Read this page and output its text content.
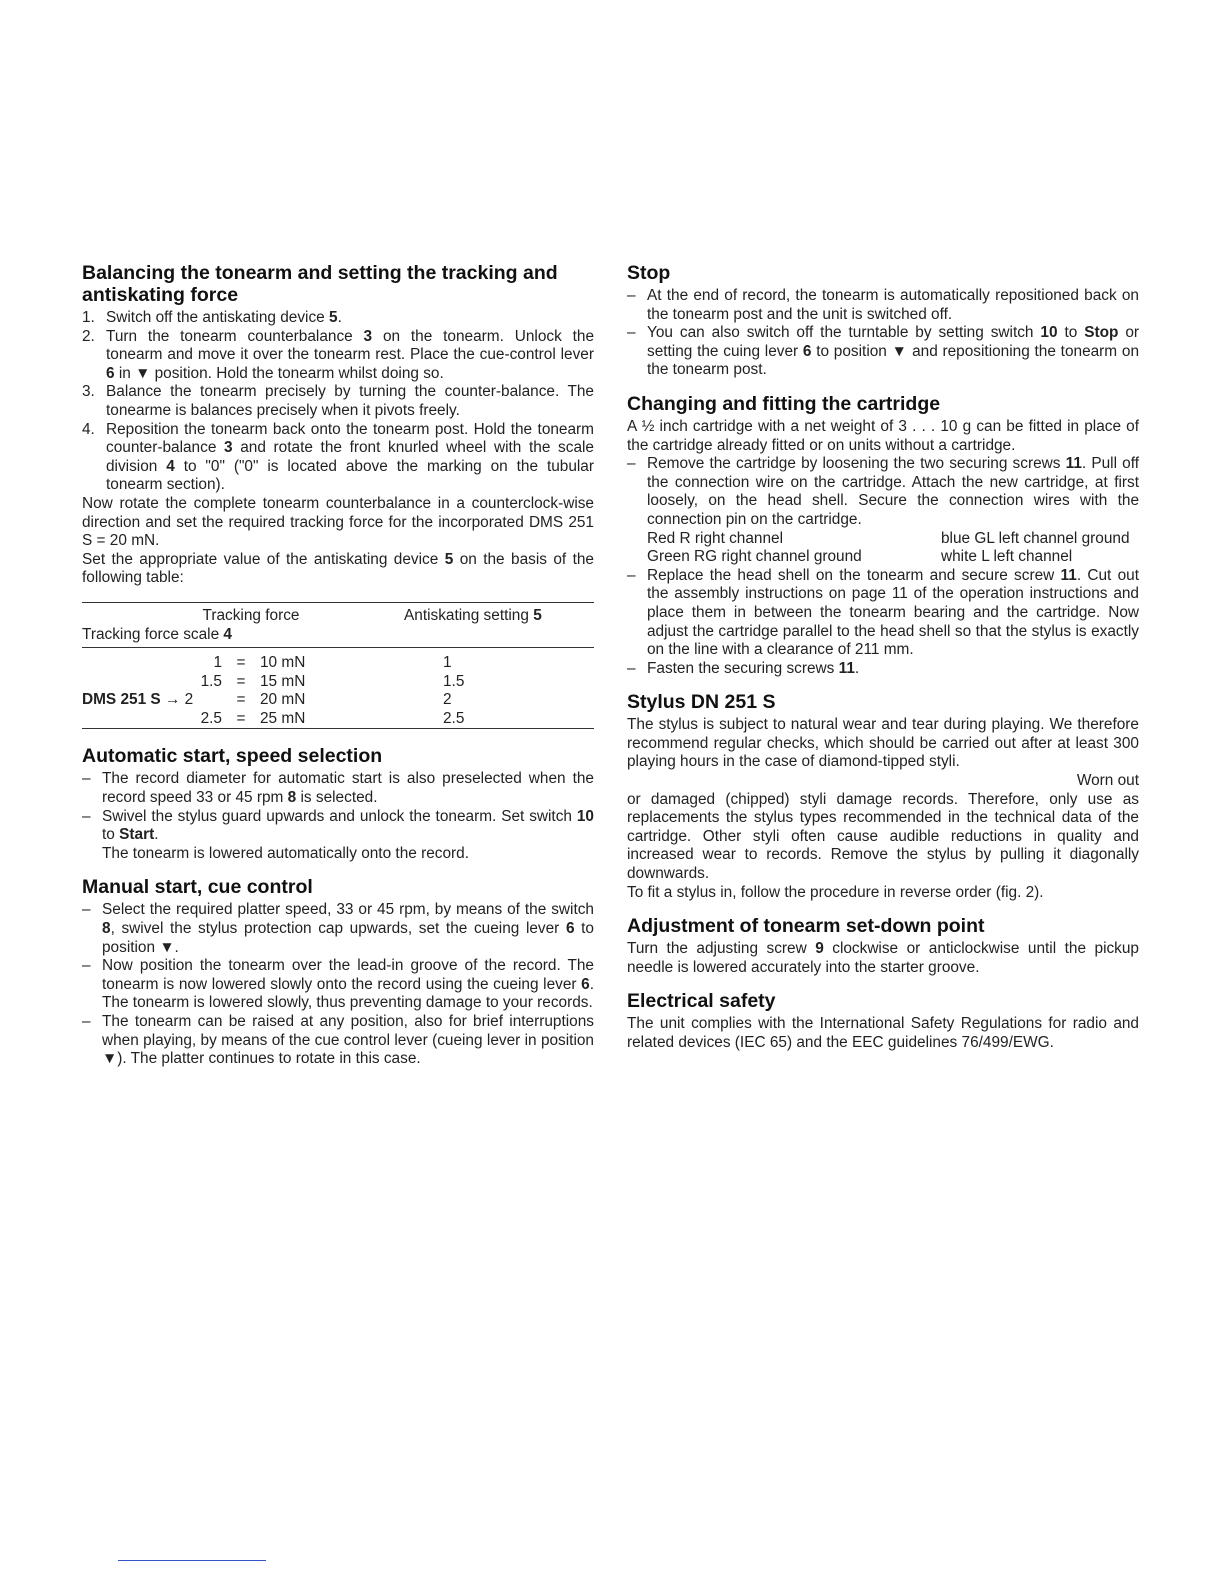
Balancing the tonearm and setting the tracking and antiskating force
1. Switch off the antiskating device 5.
2. Turn the tonearm counterbalance 3 on the tonearm. Unlock the tonearm and move it over the tonearm rest. Place the cue-control lever 6 in ▼ position. Hold the tonearm whilst doing so.
3. Balance the tonearm precisely by turning the counter-balance. The tonearme is balances precisely when it pivots freely.
4. Reposition the tonearm back onto the tonearm post. Hold the tonearm counter-balance 3 and rotate the front knurled wheel with the scale division 4 to "0" ("0" is located above the marking on the tubular tonearm section).

Now rotate the complete tonearm counterbalance in a counterclock-wise direction and set the required tracking force for the incorporated DMS 251 S = 20 mN.

Set the appropriate value of the antiskating device 5 on the basis of the following table:

Tracking force				Antiskating setting 5
Tracking force scale 4				
	1	=	10 mN	1
	1.5	=	15 mN	1.5
DMS 251 S → 2		=	20 mN	2
	2.5	=	25 mN	2.5
Automatic start, speed selection
– The record diameter for automatic start is also preselected when the record speed 33 or 45 rpm 8 is selected.
– Swivel the stylus guard upwards and unlock the tonearm. Set switch 10 to Start.
The tonearm is lowered automatically onto the record.
Manual start, cue control
– Select the required platter speed, 33 or 45 rpm, by means of the switch 8, swivel the stylus protection cap upwards, set the cueing lever 6 to position ▼.
– Now position the tonearm over the lead-in groove of the record. The tonearm is now lowered slowly onto the record using the cueing lever 6. The tonearm is lowered slowly, thus preventing damage to your records.
– The tonearm can be raised at any position, also for brief interruptions when playing, by means of the cue control lever (cueing lever in position ▼). The platter continues to rotate in this case.
Stop
– At the end of record, the tonearm is automatically repositioned back on the tonearm post and the unit is switched off.
– You can also switch off the turntable by setting switch 10 to Stop or setting the cuing lever 6 to position ▼ and repositioning the tonearm on the tonearm post.
Changing and fitting the cartridge

A ½ inch cartridge with a net weight of 3 . . . 10 g can be fitted in place of the cartridge already fitted or on units without a cartridge.

– Remove the cartridge by loosening the two securing screws 11. Pull off the connection wire on the cartridge. Attach the new cartridge, at first loosely, on the head shell. Secure the connection wires with the connection pin on the cartridge.
Red R right channel	blue GL left channel ground
Green RG right channel ground	white L left channel
– Replace the head shell on the tonearm and secure screw 11. Cut out the assembly instructions on page 11 of the operation instructions and place them in between the tonearm bearing and the cartridge. Now adjust the cartridge parallel to the head shell so that the stylus is exactly on the line with a clearance of 211 mm.
– Fasten the securing screws 11.
Stylus DN 251 S

The stylus is subject to natural wear and tear during playing. We therefore recommend regular checks, which should be carried out after at least 300 playing hours in the case of diamond-tipped styli.

Worn out

or damaged (chipped) styli damage records. Therefore, only use as replacements the stylus types recommended in the technical data of the cartridge. Other styli often cause audible reductions in quality and increased wear to records. Remove the stylus by pulling it diagonally downwards.

To fit a stylus in, follow the procedure in reverse order (fig. 2).

Adjustment of tonearm set-down point

Turn the adjusting screw 9 clockwise or anticlockwise until the pickup needle is lowered accurately into the starter groove.

Electrical safety

The unit complies with the International Safety Regulations for radio and related devices (IEC 65) and the EEC guidelines 76/499/EWG.
